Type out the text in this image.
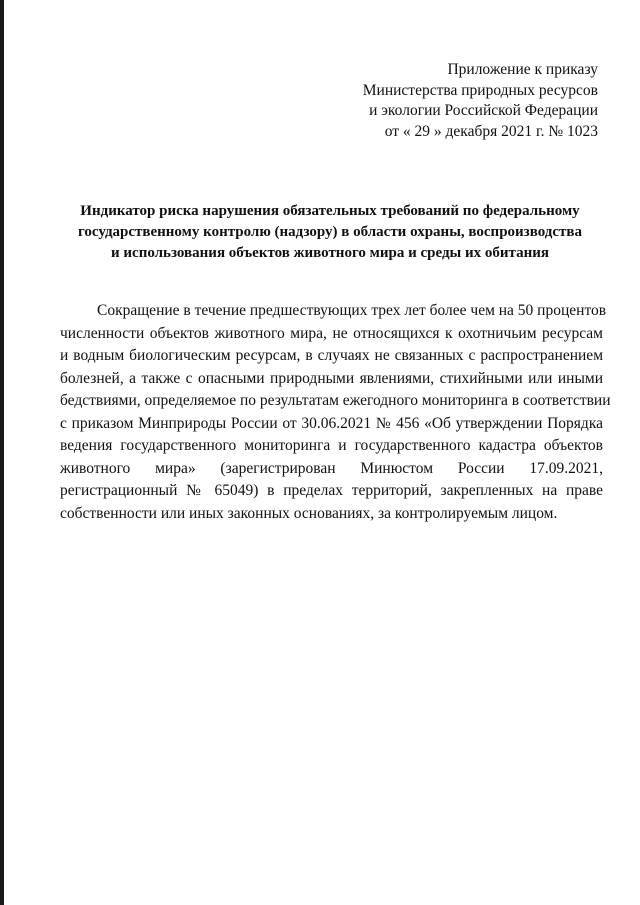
Приложение к приказу
Министерства природных ресурсов
и экологии Российской Федерации
от « 29 » декабря 2021 г. № 1023
Индикатор риска нарушения обязательных требований по федеральному
государственному контролю (надзору) в области охраны, воспроизводства
и использования объектов животного мира и среды их обитания
Сокращение в течение предшествующих трех лет более чем на 50 процентов
численности объектов животного мира, не относящихся к охотничьим ресурсам
и водным биологическим ресурсам, в случаях не связанных с распространением
болезней, а также с опасными природными явлениями, стихийными или иными
бедствиями, определяемое по результатам ежегодного мониторинга в соответствии
с приказом Минприроды России от 30.06.2021 № 456 «Об утверждении Порядка
ведения государственного мониторинга и государственного кадастра объектов
животного мира» (зарегистрирован Минюстом России 17.09.2021,
регистрационный № 65049) в пределах территорий, закрепленных на праве
собственности или иных законных основаниях, за контролируемым лицом.
